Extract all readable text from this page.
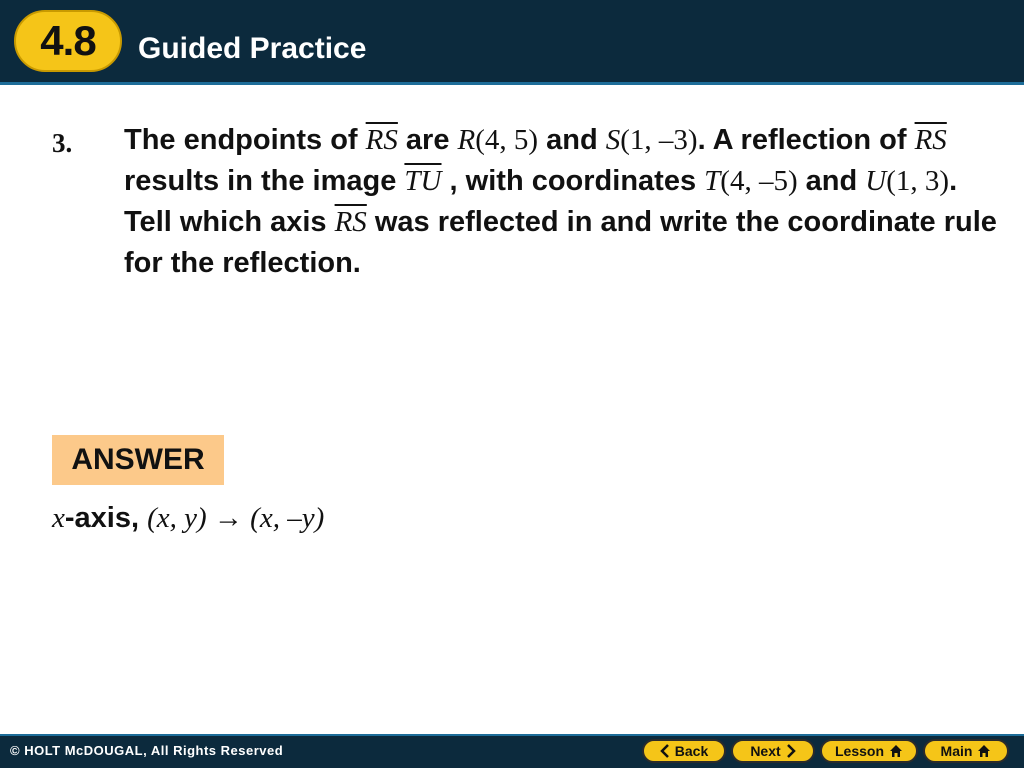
4.8	Guided Practice
3. The endpoints of $\overline{RS}$ are R(4, 5) and S(1, –3). A reflection of $\overline{RS}$ results in the image $\overline{TU}$ , with coordinates T(4, –5) and U(1, 3). Tell which axis $\overline{RS}$ was reflected in and write the coordinate rule for the reflection.
ANSWER
x-axis, (x, y) → (x, –y)
© HOLT McDOUGAL, All Rights Reserved	Back	Next	Lesson	Main
